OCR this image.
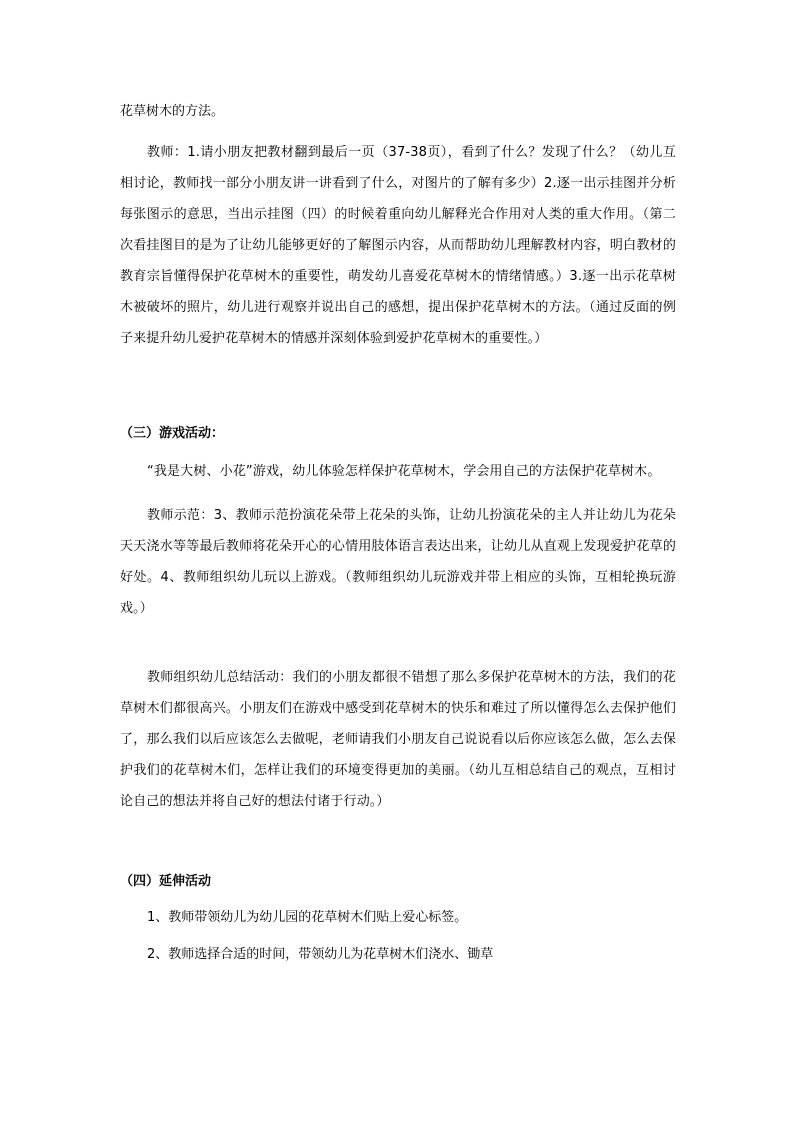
花草树木的方法。

教师：1.请小朋友把教材翻到最后一页（37-38页），看到了什么？发现了什么？（幼儿互相讨论，教师找一部分小朋友讲一讲看到了什么，对图片的了解有多少）2.逐一出示挂图并分析每张图示的意思，当出示挂图（四）的时候着重向幼儿解释光合作用对人类的重大作用。（第二次看挂图目的是为了让幼儿能够更好的了解图示内容，从而帮助幼儿理解教材内容，明白教材的教育宗旨懂得保护花草树木的重要性，萌发幼儿喜爱花草树木的情绪情感。）3.逐一出示花草树木被破坏的照片，幼儿进行观察并说出自己的感想，提出保护花草树木的方法。（通过反面的例子来提升幼儿爱护花草树木的情感并深刻体验到爱护花草树木的重要性。）

（三）游戏活动：

“我是大树、小花”游戏，幼儿体验怎样保护花草树木，学会用自己的方法保护花草树木。

教师示范：3、教师示范扮演花朵带上花朵的头饰，让幼儿扮演花朵的主人并让幼儿为花朵天天浇水等等最后教师将花朵开心的心情用肢体语言表达出来，让幼儿从直观上发现爱护花草的好处。4、教师组织幼儿玩以上游戏。（教师组织幼儿玩游戏并带上相应的头饰，互相轮换玩游戏。）

教师组织幼儿总结活动：我们的小朋友都很不错想了那么多保护花草树木的方法，我们的花草树木们都很高兴。小朋友们在游戏中感受到花草树木的快乐和难过了所以懂得怎么去保护他们了，那么我们以后应该怎么去做呢，老师请我们小朋友自己说说看以后你应该怎么做，怎么去保护我们的花草树木们，怎样让我们的环境变得更加的美丽。（幼儿互相总结自己的观点，互相讨论自己的想法并将自己好的想法付诸于行动。）

（四）延伸活动

1、教师带领幼儿为幼儿园的花草树木们贴上爱心标签。

2、教师选择合适的时间，带领幼儿为花草树木们浇水、锄草
